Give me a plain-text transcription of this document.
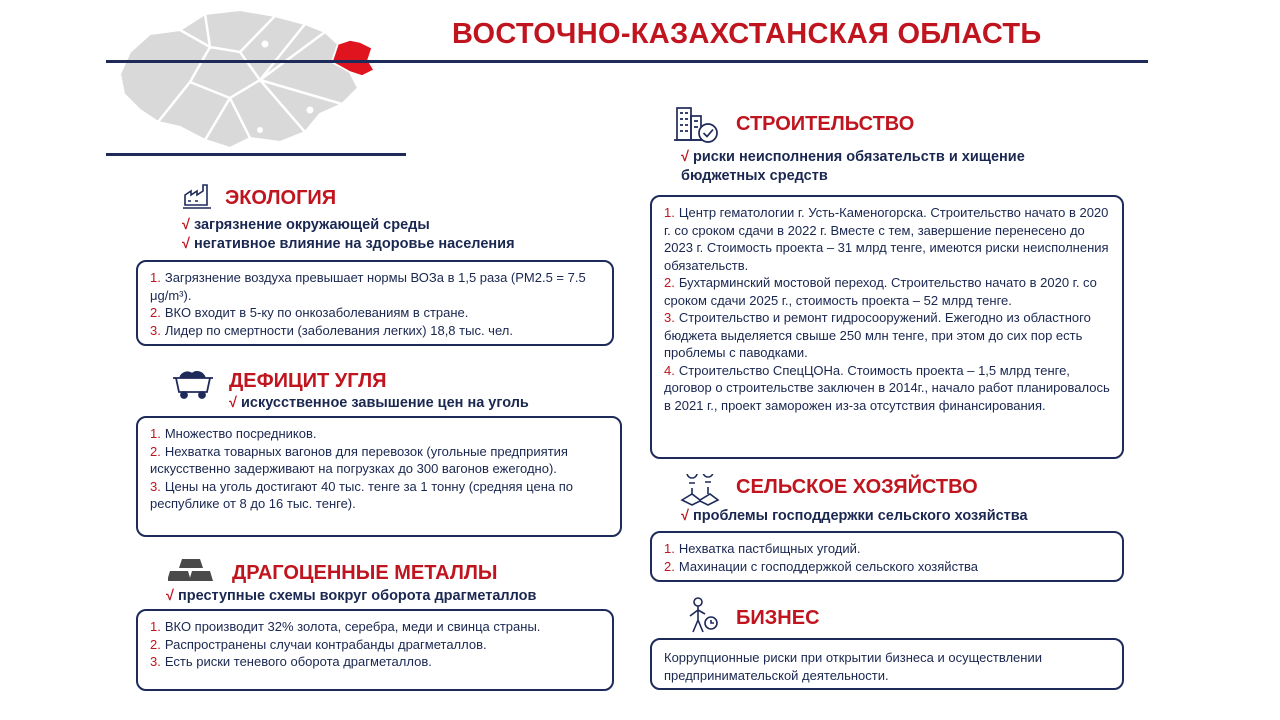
ВОСТОЧНО-КАЗАХСТАНСКАЯ ОБЛАСТЬ
ЭКОЛОГИЯ
√ загрязнение окружающей среды
√ негативное влияние на здоровье населения

1. Загрязнение воздуха превышает нормы ВОЗа в 1,5 раза (PM2.5 = 7.5 μg/m³).

2. ВКО входит в 5-ку по онкозаболеваниям в стране.

3. Лидер по смертности (заболевания легких) 18,8 тыс. чел.

ДЕФИЦИТ УГЛЯ
√ искусственное завышение цен на уголь

1. Множество посредников.

2. Нехватка товарных вагонов для перевозок (угольные предприятия искусственно задерживают на погрузках до 300 вагонов ежегодно).

3. Цены на уголь достигают 40 тыс. тенге за 1 тонну (средняя цена по республике от 8 до 16 тыс. тенге).

ДРАГОЦЕННЫЕ МЕТАЛЛЫ
√ преступные схемы вокруг оборота драгметаллов

1. ВКО производит 32% золота, серебра, меди и свинца страны.

2. Распространены случаи контрабанды драгметаллов.

3. Есть риски теневого оборота драгметаллов.

СТРОИТЕЛЬСТВО
√ риски неисполнения обязательств и хищение бюджетных средств

1. Центр гематологии г. Усть-Каменогорска. Строительство начато в 2020 г. со сроком сдачи в 2022 г. Вместе с тем, завершение перенесено до 2023 г. Стоимость проекта – 31 млрд тенге, имеются риски неисполнения обязательств.

2. Бухтарминский мостовой переход. Строительство начато в 2020 г. со сроком сдачи 2025 г., стоимость проекта – 52 млрд тенге.

3. Строительство и ремонт гидросооружений. Ежегодно из областного бюджета выделяется свыше 250 млн тенге, при этом до сих пор есть проблемы с паводками.

4. Строительство СпецЦОНа. Стоимость проекта – 1,5 млрд тенге, договор о строительстве заключен в 2014г., начало работ планировалось в 2021 г., проект заморожен из-за отсутствия финансирования.

СЕЛЬСКОЕ ХОЗЯЙСТВО
√ проблемы господдержки сельского хозяйства

1. Нехватка пастбищных угодий.

2. Махинации с господдержкой сельского хозяйства

БИЗНЕС

Коррупционные риски при открытии бизнеса и осуществлении предпринимательской деятельности.
